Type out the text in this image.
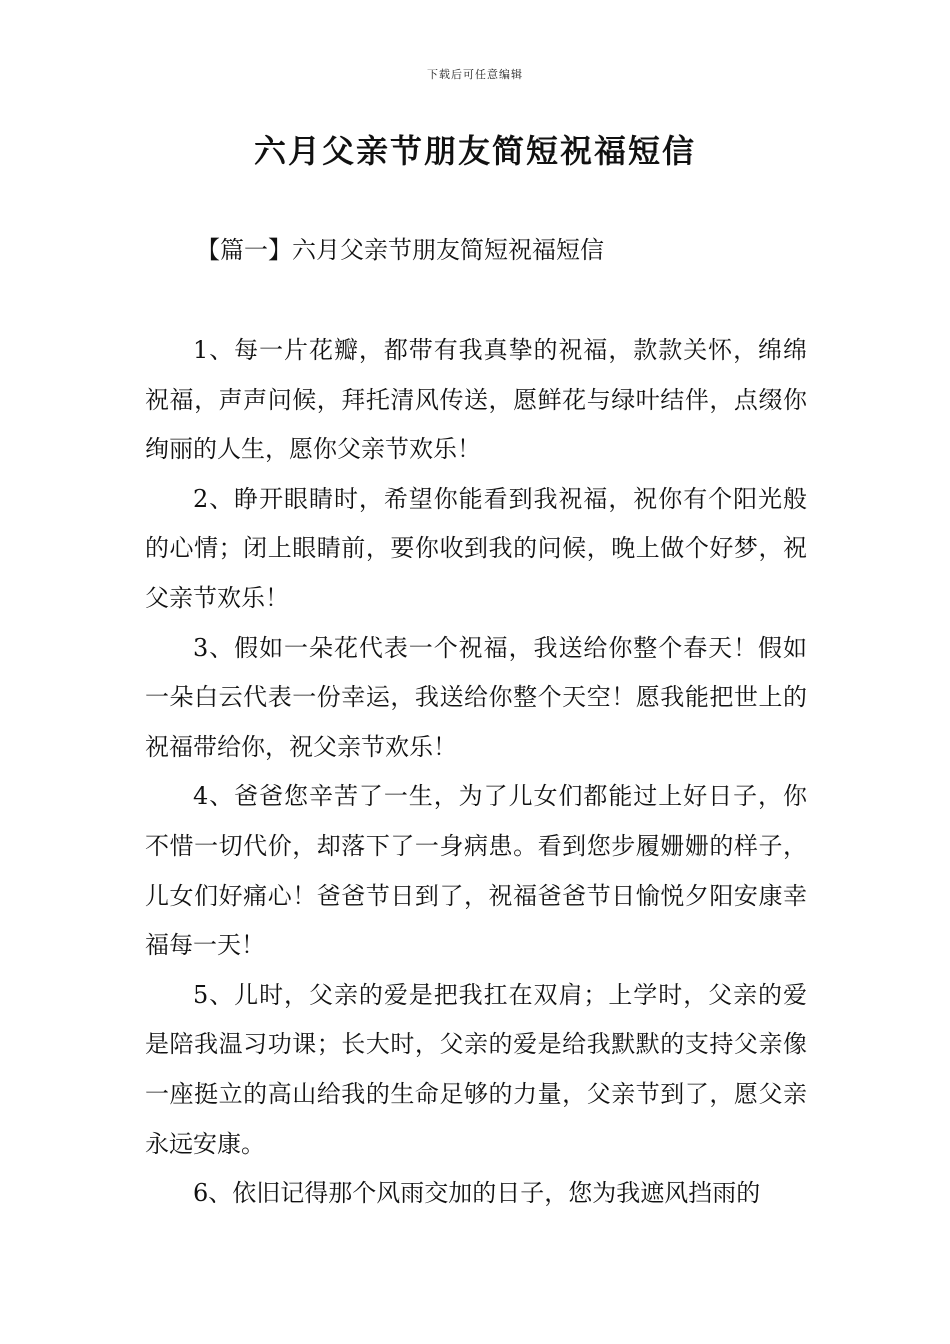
下载后可任意编辑
六月父亲节朋友简短祝福短信
【篇一】六月父亲节朋友简短祝福短信

1、每一片花瓣，都带有我真挚的祝福，款款关怀，绵绵祝福，声声问候，拜托清风传送，愿鲜花与绿叶结伴，点缀你绚丽的人生，愿你父亲节欢乐！

2、睁开眼睛时，希望你能看到我祝福，祝你有个阳光般的心情；闭上眼睛前，要你收到我的问候，晚上做个好梦，祝父亲节欢乐！

3、假如一朵花代表一个祝福，我送给你整个春天！假如一朵白云代表一份幸运，我送给你整个天空！愿我能把世上的祝福带给你，祝父亲节欢乐！

4、爸爸您辛苦了一生，为了儿女们都能过上好日子，你不惜一切代价，却落下了一身病患。看到您步履姗姗的样子，儿女们好痛心！爸爸节日到了，祝福爸爸节日愉悦夕阳安康幸福每一天！

5、儿时，父亲的爱是把我扛在双肩；上学时，父亲的爱是陪我温习功课；长大时，父亲的爱是给我默默的支持父亲像一座挺立的高山给我的生命足够的力量，父亲节到了，愿父亲永远安康。

6、依旧记得那个风雨交加的日子，您为我遮风挡雨的
